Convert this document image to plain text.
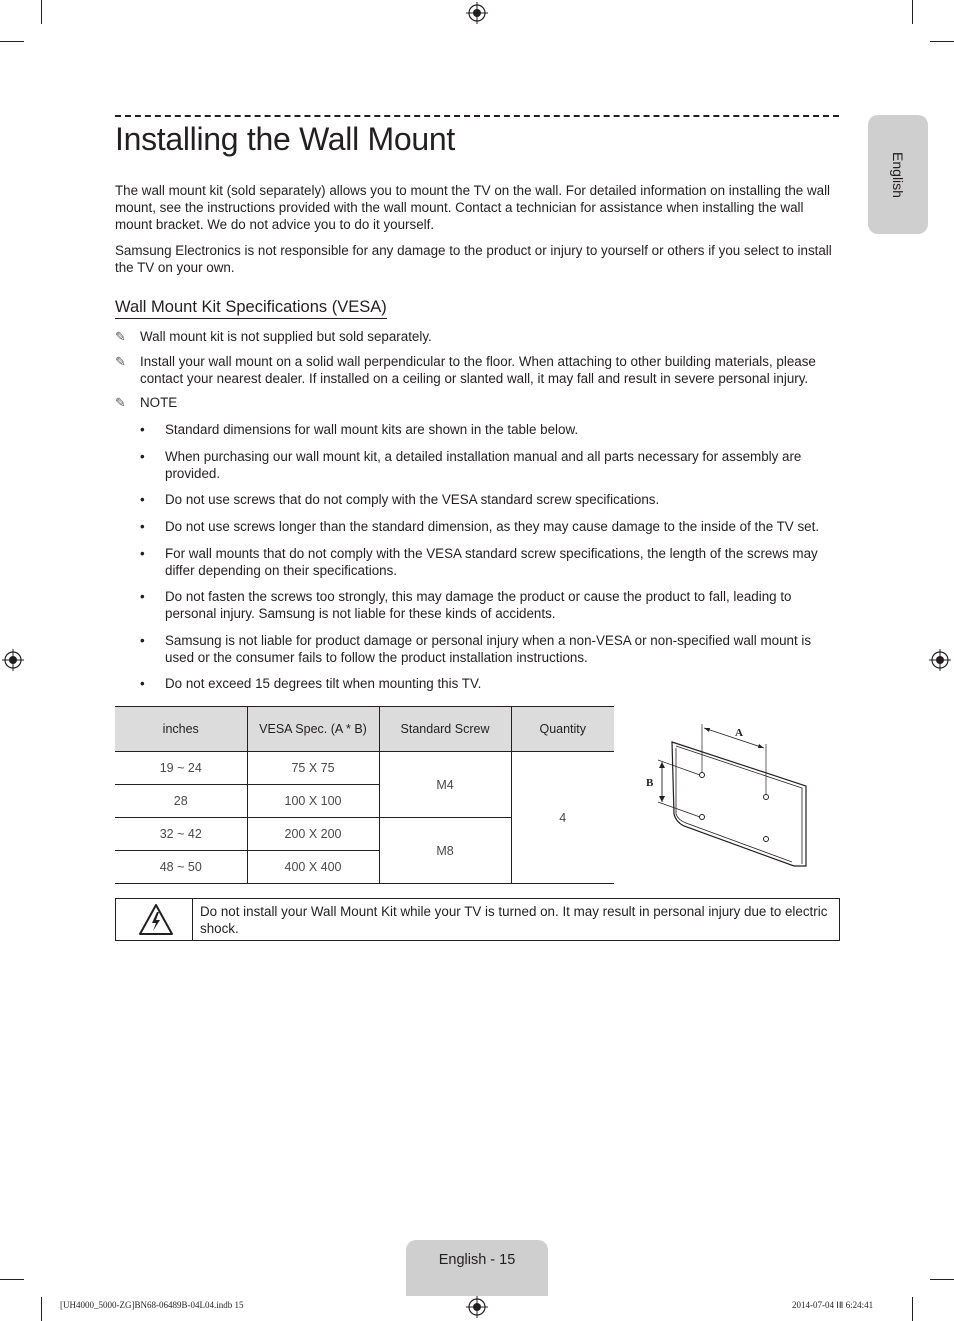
English
Installing the Wall Mount

The wall mount kit (sold separately) allows you to mount the TV on the wall. For detailed information on installing the wall mount, see the instructions provided with the wall mount. Contact a technician for assistance when installing the wall mount bracket. We do not advice you to do it yourself.

Samsung Electronics is not responsible for any damage to the product or injury to yourself or others if you select to install the TV on your own.

Wall Mount Kit Specifications (VESA)
✎	Wall mount kit is not supplied but sold separately.
✎	Install your wall mount on a solid wall perpendicular to the floor. When attaching to other building materials, please contact your nearest dealer. If installed on a ceiling or slanted wall, it may fall and result in severe personal injury.
✎	NOTE
• Standard dimensions for wall mount kits are shown in the table below.
• When purchasing our wall mount kit, a detailed installation manual and all parts necessary for assembly are provided.
• Do not use screws that do not comply with the VESA standard screw specifications.
• Do not use screws longer than the standard dimension, as they may cause damage to the inside of the TV set.
• For wall mounts that do not comply with the VESA standard screw specifications, the length of the screws may differ depending on their specifications.
• Do not fasten the screws too strongly, this may damage the product or cause the product to fall, leading to personal injury. Samsung is not liable for these kinds of accidents.
• Samsung is not liable for product damage or personal injury when a non-VESA or non-specified wall mount is used or the consumer fails to follow the product installation instructions.
• Do not exceed 15 degrees tilt when mounting this TV.
inches	VESA Spec. (A * B)	Standard Screw	Quantity
19 ~ 24	75 X 75	M4	4
28	100 X 100		
32 ~ 42	200 X 200	M8	
48 ~ 50	400 X 400		
A
B
Do not install your Wall Mount Kit while your TV is turned on. It may result in personal injury due to electric shock.
English - 15
[UH4000_5000-ZG]BN68-06489B-04L04.indb 15	2014-07-04 ⅠⅡ 6:24:41
